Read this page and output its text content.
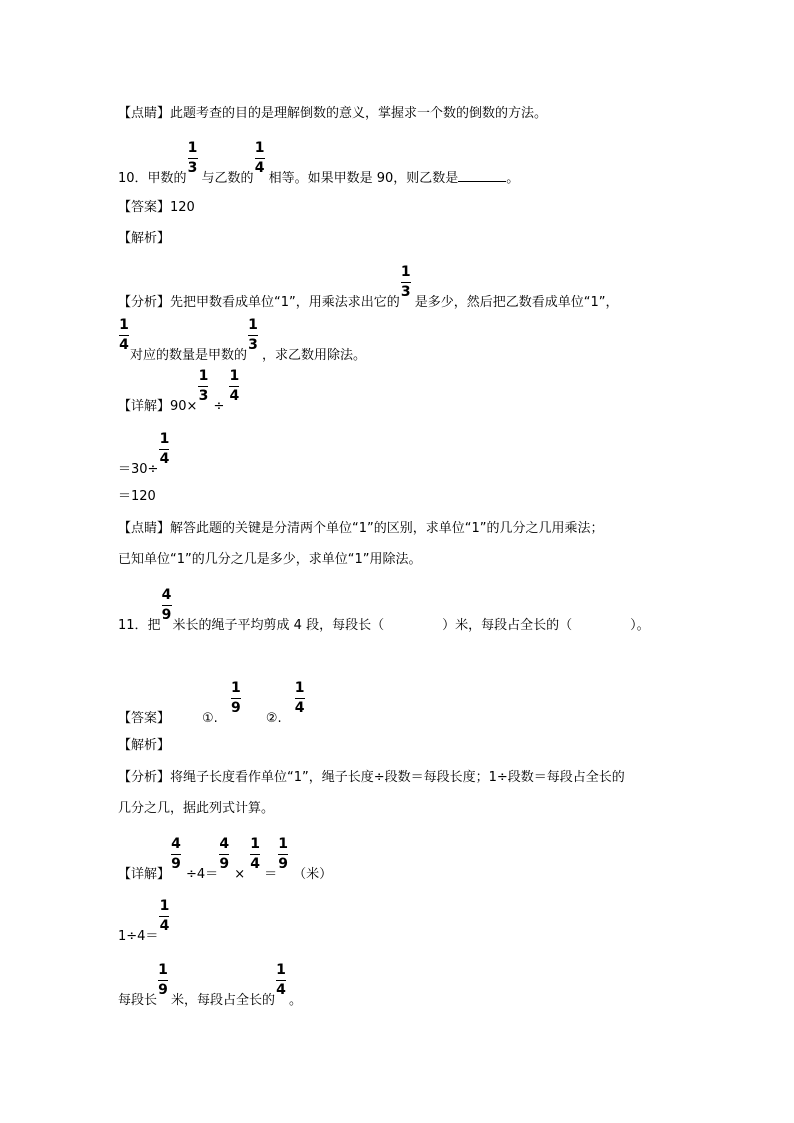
【点睛】此题考查的目的是理解倒数的意义，掌握求一个数的倒数的方法。
10．甲数的 $\frac{1}{3}$ 与乙数的 $\frac{1}{4}$ 相等。如果甲数是 90，则乙数是	。
【答案】120
【解析】
【分析】先把甲数看成单位“1”，用乘法求出它的 $\frac{1}{3}$ 是多少，然后把乙数看成单位“1”，
$\frac{1}{4}$ 对应的数量是甲数的 $\frac{1}{3}$ ，求乙数用除法。
【详解】$90\times \frac{1}{3} \div \frac{1}{4}$
$=30\div \frac{1}{4}$
＝120
【点睛】解答此题的关键是分清两个单位“1”的区别，求单位“1”的几分之几用乘法；
已知单位“1”的几分之几是多少，求单位“1”用除法。
11．把 $\frac{4}{9}$ 米长的绳子平均剪成 4 段，每段长（	）米，每段占全长的（	）。
【答案】 ①. $\frac{1}{9}$ ②. $\frac{1}{4}$
【解析】
【分析】将绳子长度看作单位“1”，绳子长度÷段数＝每段长度；1÷段数＝每段占全长的
几分之几，据此列式计算。
【详解】 $\frac{4}{9} \div 4= \frac{4}{9} \times \frac{1}{4} = \frac{1}{9}$ （米）
$1\div 4= \frac{1}{4}$
每段长 $\frac{1}{9}$ 米，每段占全长的 $\frac{1}{4}$ 。
